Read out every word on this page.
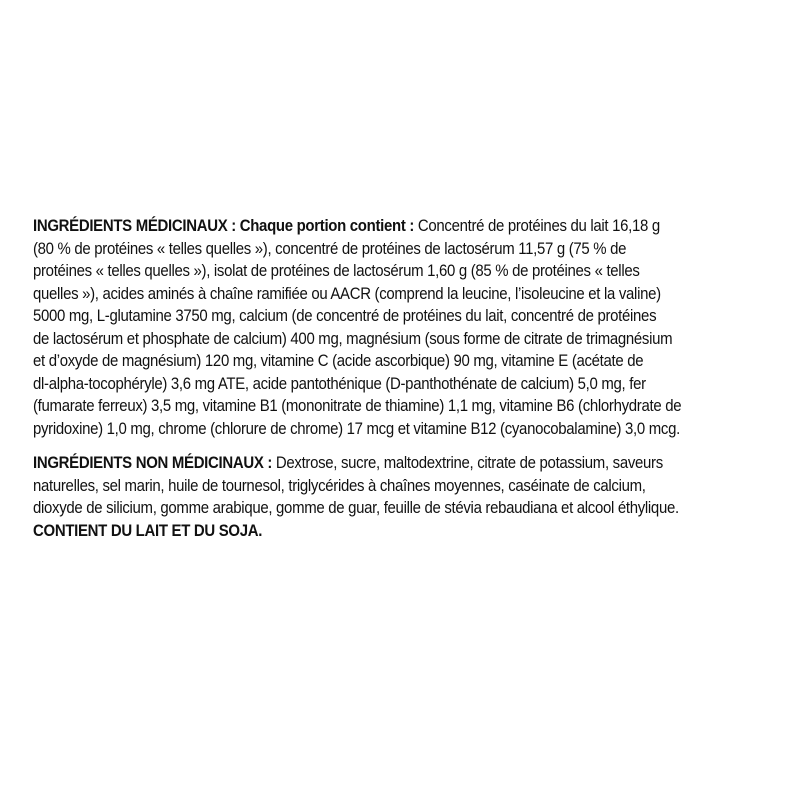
INGRÉDIENTS MÉDICINAUX : Chaque portion contient : Concentré de protéines du lait 16,18 g
(80 % de protéines « telles quelles »), concentré de protéines de lactosérum 11,57 g (75 % de
protéines « telles quelles »), isolat de protéines de lactosérum 1,60 g (85 % de protéines « telles
quelles »), acides aminés à chaîne ramifiée ou AACR (comprend la leucine, l’isoleucine et la valine)
5000 mg, L-glutamine 3750 mg, calcium (de concentré de protéines du lait, concentré de protéines
de lactosérum et phosphate de calcium) 400 mg, magnésium (sous forme de citrate de trimagnésium
et d’oxyde de magnésium) 120 mg, vitamine C (acide ascorbique) 90 mg, vitamine E (acétate de
dl-alpha-tocophéryle) 3,6 mg ATE, acide pantothénique (D-panthothénate de calcium) 5,0 mg, fer
(fumarate ferreux) 3,5 mg, vitamine B1 (mononitrate de thiamine) 1,1 mg, vitamine B6 (chlorhydrate de
pyridoxine) 1,0 mg, chrome (chlorure de chrome) 17 mcg et vitamine B12 (cyanocobalamine) 3,0 mcg.
INGRÉDIENTS NON MÉDICINAUX : Dextrose, sucre, maltodextrine, citrate de potassium, saveurs
naturelles, sel marin, huile de tournesol, triglycérides à chaînes moyennes, caséinate de calcium,
dioxyde de silicium, gomme arabique, gomme de guar, feuille de stévia rebaudiana et alcool éthylique.
CONTIENT DU LAIT ET DU SOJA.
